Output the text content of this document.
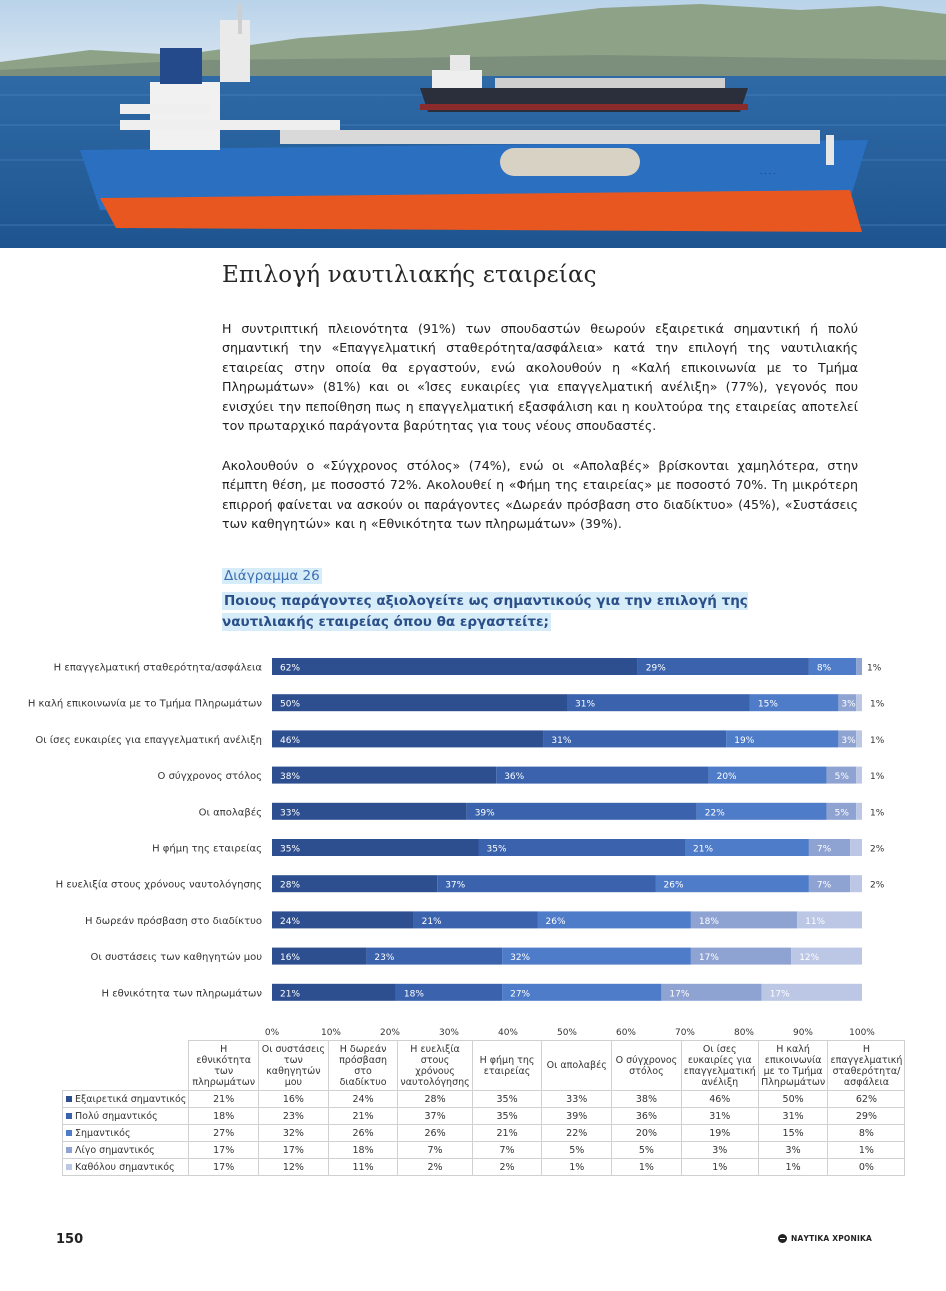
· · · ·
Επιλογή ναυτιλιακής εταιρείας

Η συντριπτική πλειονότητα (91%) των σπουδαστών θεωρούν εξαιρετικά σημαντική ή πολύ σημαντική την «Επαγγελματική σταθερότητα/ασφάλεια» κατά την επιλογή της ναυτιλιακής εταιρείας στην οποία θα εργαστούν, ενώ ακολουθούν η «Καλή επικοινωνία με το Τμήμα Πληρωμάτων» (81%) και οι «Ίσες ευκαιρίες για επαγγελματική ανέλιξη» (77%), γεγονός που ενισχύει την πεποίθηση πως η επαγγελματική εξασφάλιση και η κουλτούρα της εταιρείας αποτελεί τον πρωταρχικό παράγοντα βαρύτητας για τους νέους σπουδαστές.

Ακολουθούν ο «Σύγχρονος στόλος» (74%), ενώ οι «Απολαβές» βρίσκονται χαμηλότερα, στην πέμπτη θέση, με ποσοστό 72%. Ακολουθεί η «Φήμη της εταιρείας» με ποσοστό 70%. Τη μικρότερη επιρροή φαίνεται να ασκούν οι παράγοντες «Δωρεάν πρόσβαση στο διαδίκτυο» (45%), «Συστάσεις των καθηγητών» και η «Εθνικότητα των πληρωμάτων» (39%).

Διάγραμμα 26
Ποιους παράγοντες αξιολογείτε ως σημαντικούς για την επιλογή της ναυτιλιακής εταιρείας όπου θα εργαστείτε;
Η επαγγελματική σταθερότητα/ασφάλεια 62%	29%	8%	1%
Η καλή επικοινωνία με το Τμήμα Πληρωμάτων 50%	31%	15%	3% 1%
Οι ίσες ευκαιρίες για επαγγελματική ανέλιξη 46%	31%	19%	3% 1%
Ο σύγχρονος στόλος 38%	36%	20%	5% 1%
Οι απολαβές 33%	39%	22%	5% 1%
Η φήμη της εταιρείας 35%	35%	21%	7%	2%
Η ευελιξία στους χρόνους ναυτολόγησης 28%	37%	26%	7%	2%
Η δωρεάν πρόσβαση στο διαδίκτυο 24%	21%	26%	18%	11%
Οι συστάσεις των καθηγητών μου 16%	23%	32%	17%	12%
Η εθνικότητα των πληρωμάτων 21%	18%	27%	17%	17%
0%	10%	20%	30%	40%	50%	60%	70%	80%	90%	100%
	Η εθνικότητα των πληρωμάτων	Οι συστάσεις των καθηγητών μου	Η δωρεάν πρόσβαση στο διαδίκτυο	Η ευελιξία στους χρόνους ναυτολόγησης	Η φήμη της εταιρείας	Οι απολαβές	Ο σύγχρονος στόλος	Οι ίσες ευκαιρίες για επαγγελματική ανέλιξη	Η καλή επικοινωνία με το Τμήμα Πληρωμάτων	Η επαγγελματική σταθερότητα/ ασφάλεια
Εξαιρετικά σημαντικός	21%	16%	24%	28%	35%	33%	38%	46%	50%	62%
Πολύ σημαντικός	18%	23%	21%	37%	35%	39%	36%	31%	31%	29%
Σημαντικός	27%	32%	26%	26%	21%	22%	20%	19%	15%	8%
Λίγο σημαντικός	17%	17%	18%	7%	7%	5%	5%	3%	3%	1%
Καθόλου σημαντικός	17%	12%	11%	2%	2%	1%	1%	1%	1%	0%
150	ΝΑΥΤΙΚΑ ΧΡΟΝΙΚΑ
